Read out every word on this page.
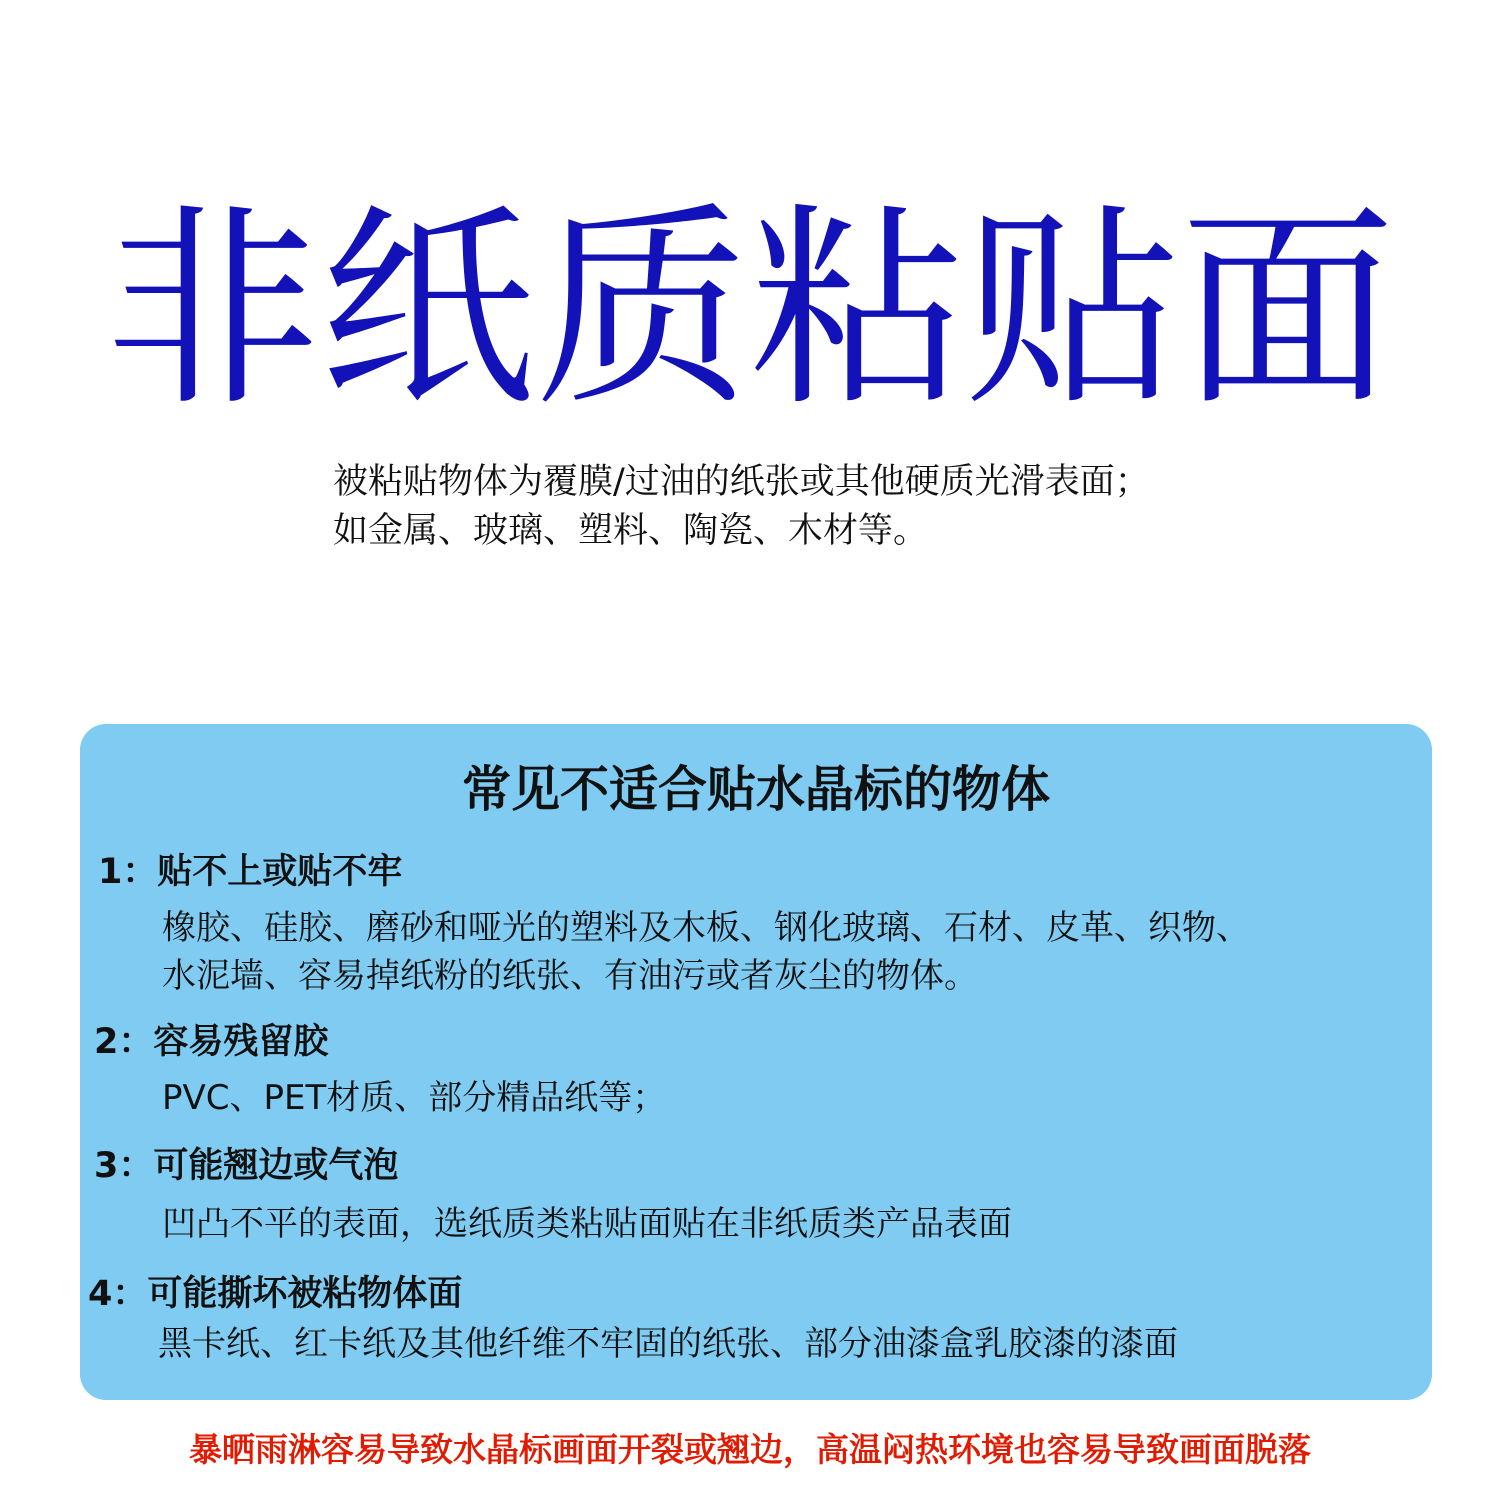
非纸质粘贴面
被粘贴物体为覆膜/过油的纸张或其他硬质光滑表面；
如金属、玻璃、塑料、陶瓷、木材等。
常见不适合贴水晶标的物体
1：贴不上或贴不牢
橡胶、硅胶、磨砂和哑光的塑料及木板、钢化玻璃、石材、皮革、织物、
水泥墙、容易掉纸粉的纸张、有油污或者灰尘的物体。
2：容易残留胶
PVC、PET材质、部分精品纸等；
3：可能翘边或气泡
凹凸不平的表面，选纸质类粘贴面贴在非纸质类产品表面
4：可能撕坏被粘物体面
黑卡纸、红卡纸及其他纤维不牢固的纸张、部分油漆盒乳胶漆的漆面
暴晒雨淋容易导致水晶标画面开裂或翘边，高温闷热环境也容易导致画面脱落
